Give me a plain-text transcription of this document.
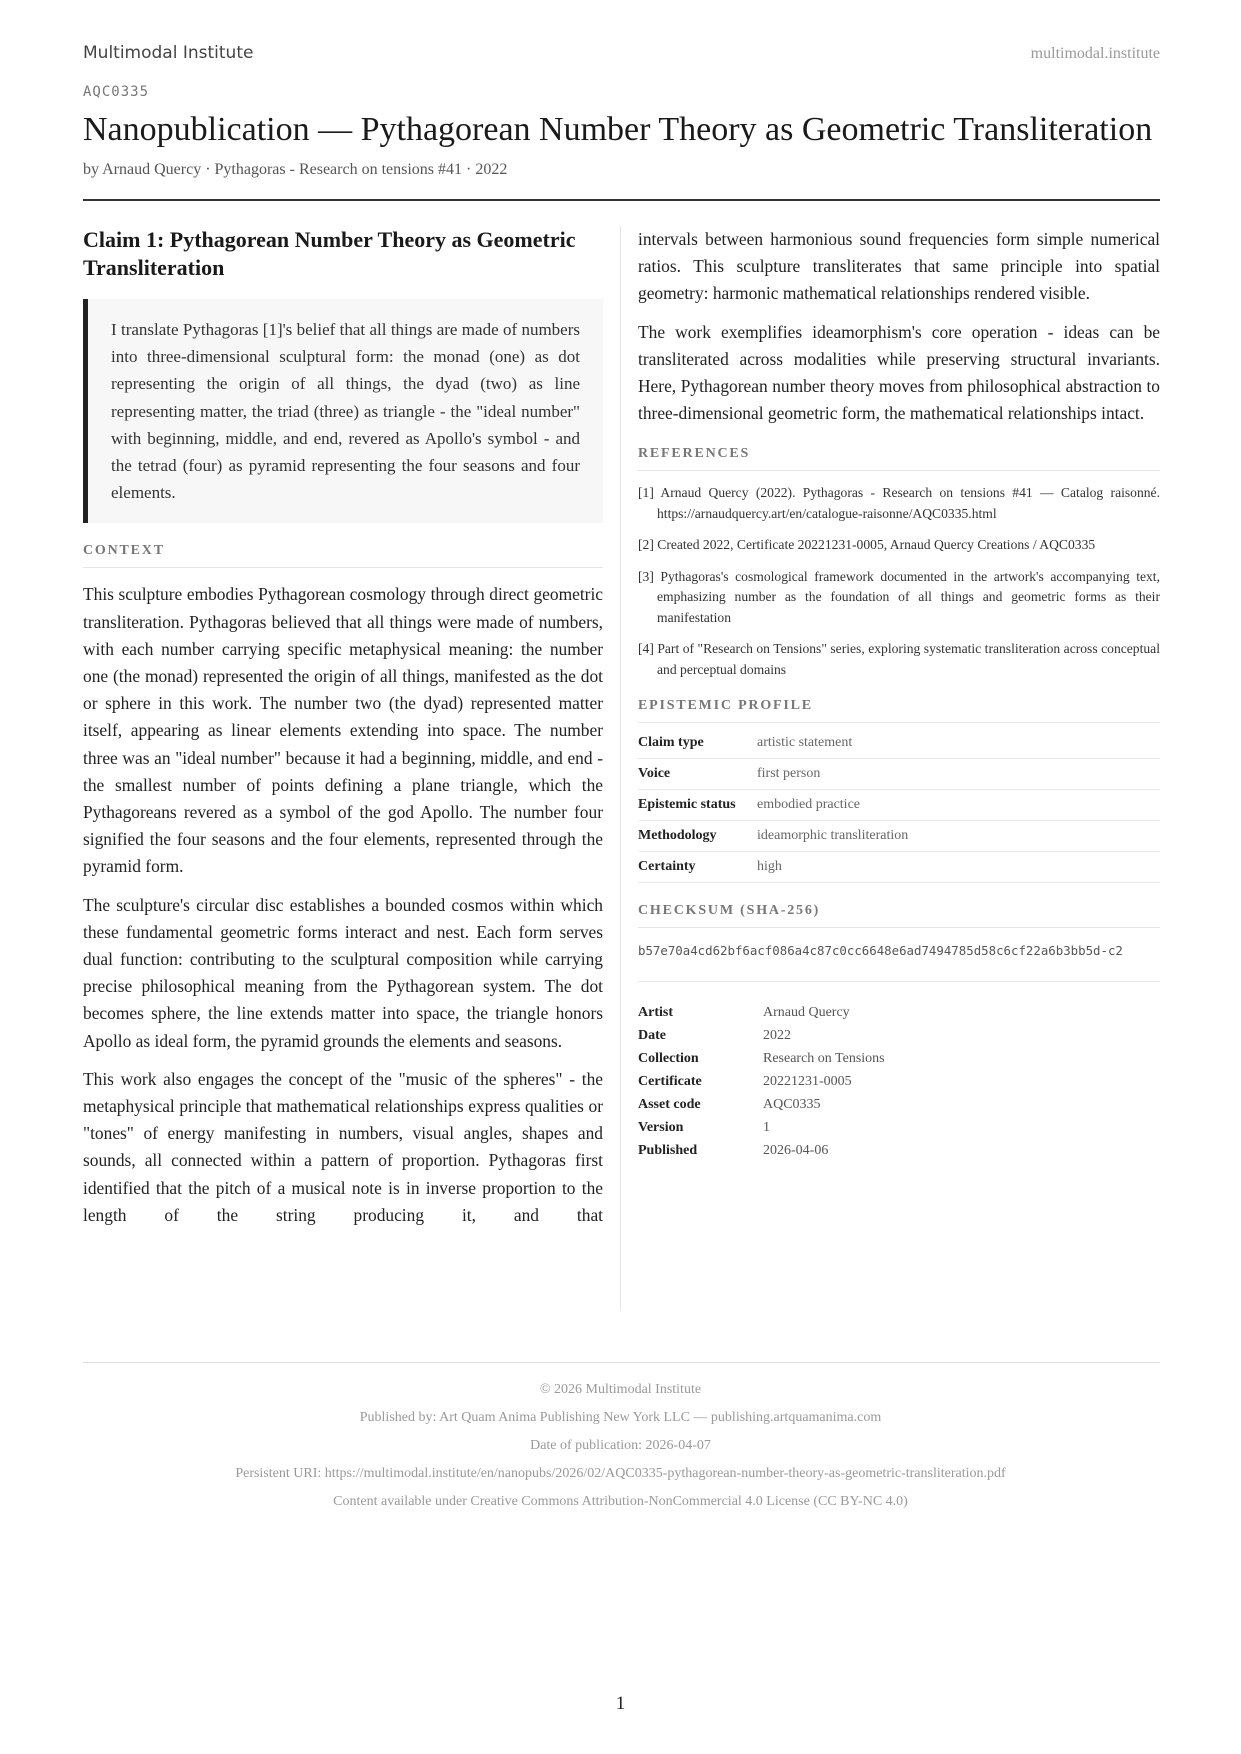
Multimodal Institute	multimodal.institute
AQC0335
Nanopublication — Pythagorean Number Theory as Geometric Transliteration
by Arnaud Quercy · Pythagoras - Research on tensions #41 · 2022
Claim 1: Pythagorean Number Theory as Geometric Transliteration
I translate Pythagoras [1]'s belief that all things are made of numbers into three-dimensional sculptural form: the monad (one) as dot representing the origin of all things, the dyad (two) as line representing matter, the triad (three) as triangle - the "ideal number" with beginning, middle, and end, revered as Apollo's symbol - and the tetrad (four) as pyramid representing the four seasons and four elements.
CONTEXT

This sculpture embodies Pythagorean cosmology through direct geometric transliteration. Pythagoras believed that all things were made of numbers, with each number carrying specific metaphysical meaning: the number one (the monad) represented the origin of all things, manifested as the dot or sphere in this work. The number two (the dyad) represented matter itself, appearing as linear elements extending into space. The number three was an "ideal number" because it had a beginning, middle, and end - the smallest number of points defining a plane triangle, which the Pythagoreans revered as a symbol of the god Apollo. The number four signified the four seasons and the four elements, represented through the pyramid form.

The sculpture's circular disc establishes a bounded cosmos within which these fundamental geometric forms interact and nest. Each form serves dual function: contributing to the sculptural composition while carrying precise philosophical meaning from the Pythagorean system. The dot becomes sphere, the line extends matter into space, the triangle honors Apollo as ideal form, the pyramid grounds the elements and seasons.

This work also engages the concept of the "music of the spheres" - the metaphysical principle that mathematical relationships express qualities or "tones" of energy manifesting in numbers, visual angles, shapes and sounds, all connected within a pattern of proportion. Pythagoras first identified that the pitch of a musical note is in inverse proportion to the length of the string producing it, and that

intervals between harmonious sound frequencies form simple numerical ratios. This sculpture transliterates that same principle into spatial geometry: harmonic mathematical relationships rendered visible.

The work exemplifies ideamorphism's core operation - ideas can be transliterated across modalities while preserving structural invariants. Here, Pythagorean number theory moves from philosophical abstraction to three-dimensional geometric form, the mathematical relationships intact.

REFERENCES
[1] Arnaud Quercy (2022). Pythagoras - Research on tensions #41 — Catalog raisonné. https://arnaudquercy.art/en/catalogue-raisonne/AQC0335.html
[2] Created 2022, Certificate 20221231-0005, Arnaud Quercy Creations / AQC0335
[3] Pythagoras's cosmological framework documented in the artwork's accompanying text, emphasizing number as the foundation of all things and geometric forms as their manifestation
[4] Part of "Research on Tensions" series, exploring systematic transliteration across conceptual and perceptual domains
EPISTEMIC PROFILE
Claim type	artistic statement
Voice	first person
Epistemic status	embodied practice
Methodology	ideamorphic transliteration
Certainty	high
CHECKSUM (SHA-256)
b57e70a4cd62bf6acf086a4c87c0cc6648e6ad7494785d58c6cf22a6b3bb5d-c2
Artist	Arnaud Quercy
Date	2022
Collection	Research on Tensions
Certificate	20221231-0005
Asset code	AQC0335
Version	1
Published	2026-04-06
© 2026 Multimodal Institute
Published by: Art Quam Anima Publishing New York LLC — publishing.artquamanima.com
Date of publication: 2026-04-07
Persistent URI: https://multimodal.institute/en/nanopubs/2026/02/AQC0335-pythagorean-number-theory-as-geometric-transliteration.pdf
Content available under Creative Commons Attribution-NonCommercial 4.0 License (CC BY-NC 4.0)
1
